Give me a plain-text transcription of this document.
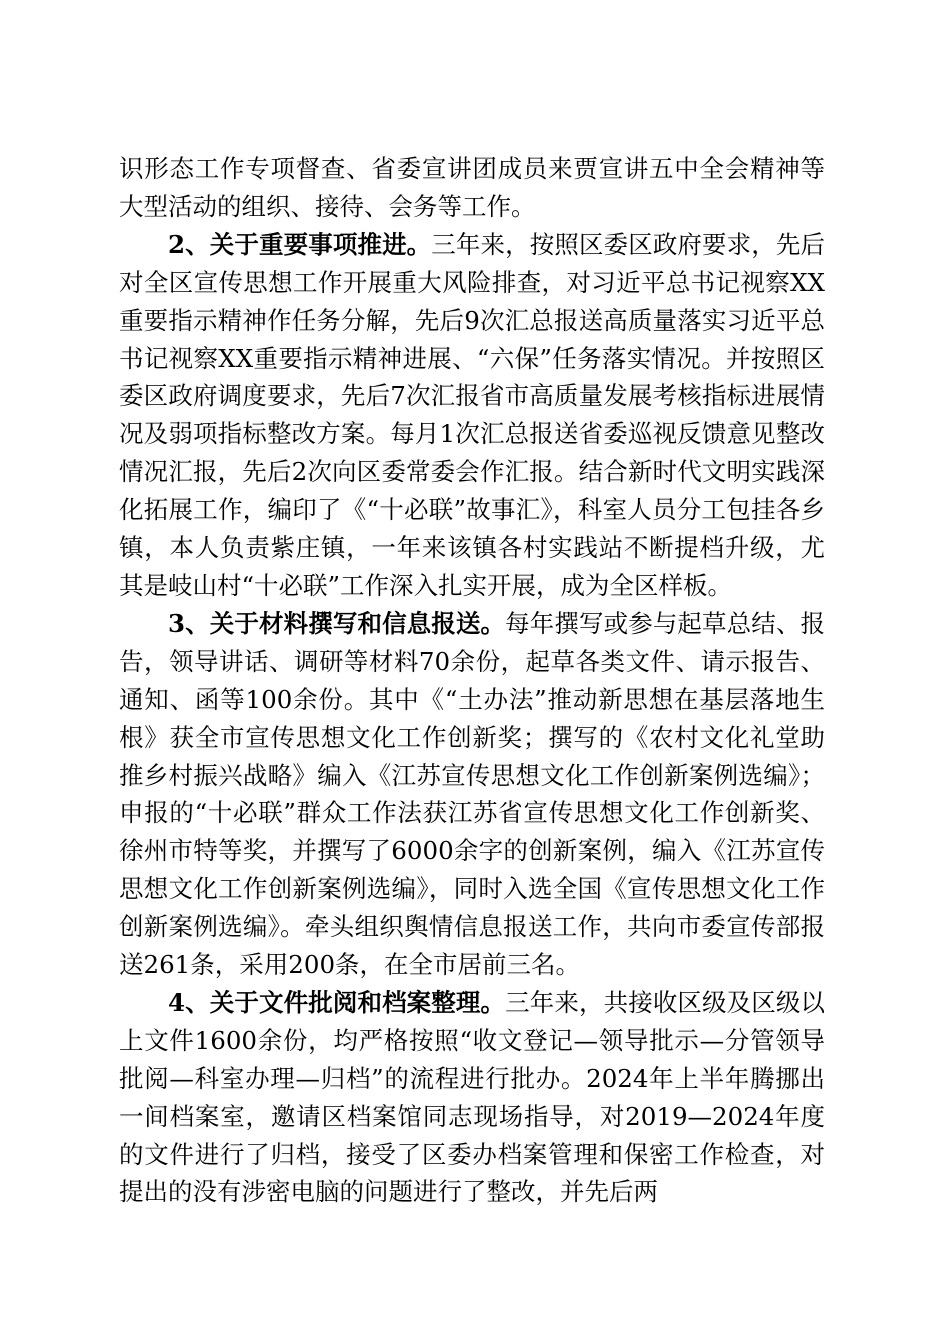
识形态工作专项督查、省委宣讲团成员来贾宣讲五中全会精神等大型活动的组织、接待、会务等工作。

2、关于重要事项推进。三年来，按照区委区政府要求，先后对全区宣传思想工作开展重大风险排查，对习近平总书记视察XX重要指示精神作任务分解，先后9次汇总报送高质量落实习近平总书记视察XX重要指示精神进展、“六保”任务落实情况。并按照区委区政府调度要求，先后7次汇报省市高质量发展考核指标进展情况及弱项指标整改方案。每月1次汇总报送省委巡视反馈意见整改情况汇报，先后2次向区委常委会作汇报。结合新时代文明实践深化拓展工作，编印了《“十必联”故事汇》，科室人员分工包挂各乡镇，本人负责紫庄镇，一年来该镇各村实践站不断提档升级，尤其是岐山村“十必联”工作深入扎实开展，成为全区样板。

3、关于材料撰写和信息报送。每年撰写或参与起草总结、报告，领导讲话、调研等材料70余份，起草各类文件、请示报告、通知、函等100余份。其中《“土办法”推动新思想在基层落地生根》获全市宣传思想文化工作创新奖；撰写的《农村文化礼堂助推乡村振兴战略》编入《江苏宣传思想文化工作创新案例选编》；申报的“十必联”群众工作法获江苏省宣传思想文化工作创新奖、徐州市特等奖，并撰写了6000余字的创新案例，编入《江苏宣传思想文化工作创新案例选编》，同时入选全国《宣传思想文化工作创新案例选编》。牵头组织舆情信息报送工作，共向市委宣传部报送261条，采用200条，在全市居前三名。

4、关于文件批阅和档案整理。三年来，共接收区级及区级以上文件1600余份，均严格按照“收文登记—领导批示—分管领导批阅—科室办理—归档”的流程进行批办。2024年上半年腾挪出一间档案室，邀请区档案馆同志现场指导，对2019—2024年度的文件进行了归档，接受了区委办档案管理和保密工作检查，对提出的没有涉密电脑的问题进行了整改，并先后两
